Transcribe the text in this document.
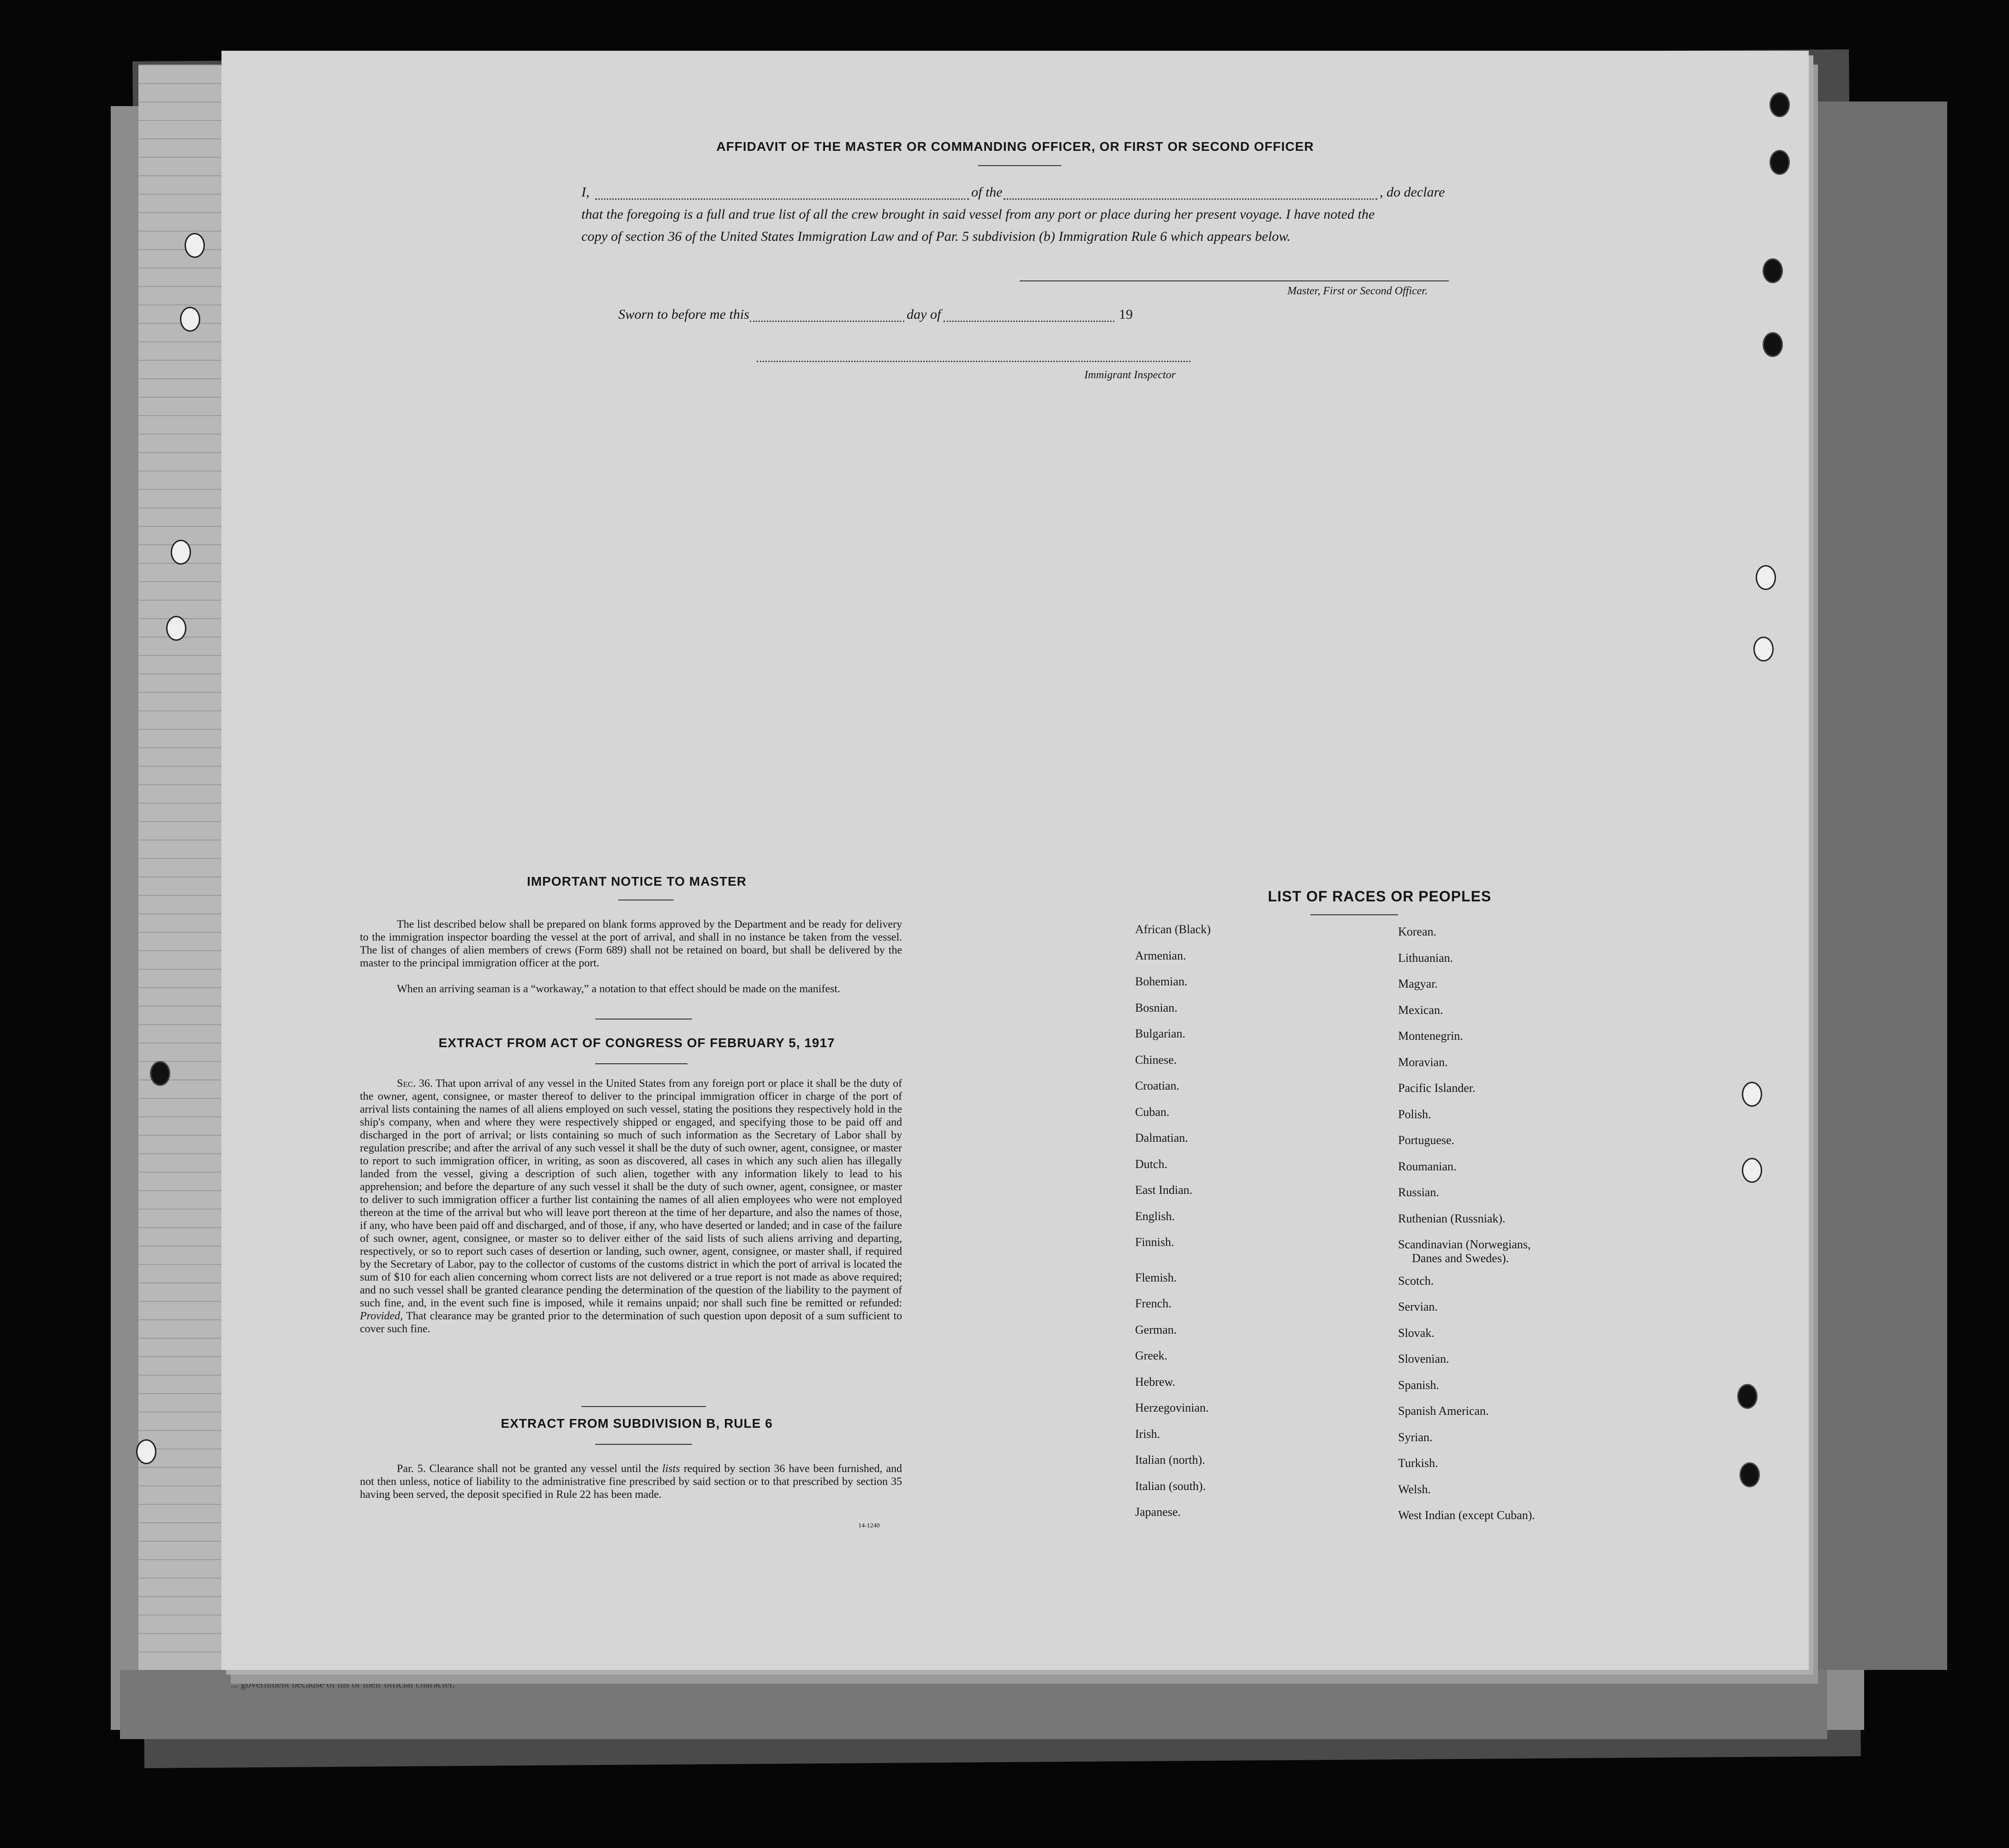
... government because of his or their official character.
AFFIDAVIT OF THE MASTER OR COMMANDING OFFICER, OR FIRST OR SECOND OFFICER
I,	of the	, do declare
that the foregoing is a full and true list of all the crew brought in said vessel from any port or place during her present voyage. I have noted the
copy of section 36 of the United States Immigration Law and of Par. 5 subdivision (b) Immigration Rule 6 which appears below.
Master, First or Second Officer.
Sworn to before me this	day of	19
Immigrant Inspector
IMPORTANT NOTICE TO MASTER
The list described below shall be prepared on blank forms approved by the Department and be ready for delivery to the immigration inspector boarding the vessel at the port of arrival, and shall in no instance be taken from the vessel. The list of changes of alien members of crews (Form 689) shall not be retained on board, but shall be delivered by the master to the principal immigration officer at the port.
When an arriving seaman is a “workaway,” a notation to that effect should be made on the manifest.
EXTRACT FROM ACT OF CONGRESS OF FEBRUARY 5, 1917
Sec. 36. That upon arrival of any vessel in the United States from any foreign port or place it shall be the duty of the owner, agent, consignee, or master thereof to deliver to the principal immigration officer in charge of the port of arrival lists containing the names of all aliens employed on such vessel, stating the positions they respectively hold in the ship's company, when and where they were respectively shipped or engaged, and specifying those to be paid off and discharged in the port of arrival; or lists containing so much of such information as the Secretary of Labor shall by regulation prescribe; and after the arrival of any such vessel it shall be the duty of such owner, agent, consignee, or master to report to such immigration officer, in writing, as soon as discovered, all cases in which any such alien has illegally landed from the vessel, giving a description of such alien, together with any information likely to lead to his apprehension; and before the departure of any such vessel it shall be the duty of such owner, agent, consignee, or master to deliver to such immigration officer a further list containing the names of all alien employees who were not employed thereon at the time of the arrival but who will leave port thereon at the time of her departure, and also the names of those, if any, who have been paid off and discharged, and of those, if any, who have deserted or landed; and in case of the failure of such owner, agent, consignee, or master so to deliver either of the said lists of such aliens arriving and departing, respectively, or so to report such cases of desertion or landing, such owner, agent, consignee, or master shall, if required by the Secretary of Labor, pay to the collector of customs of the customs district in which the port of arrival is located the sum of $10 for each alien concerning whom correct lists are not delivered or a true report is not made as above required; and no such vessel shall be granted clearance pending the determination of the question of the liability to the payment of such fine, and, in the event such fine is imposed, while it remains unpaid; nor shall such fine be remitted or refunded: Provided, That clearance may be granted prior to the determination of such question upon deposit of a sum sufficient to cover such fine.
EXTRACT FROM SUBDIVISION B, RULE 6
Par. 5. Clearance shall not be granted any vessel until the lists required by section 36 have been furnished, and not then unless, notice of liability to the administrative fine prescribed by said section or to that prescribed by section 35 having been served, the deposit specified in Rule 22 has been made.
14-1240
LIST OF RACES OR PEOPLES
Danes and Swedes).
African (Black)
Armenian.
Bohemian.
Bosnian.
Bulgarian.
Chinese.
Croatian.
Cuban.
Dalmatian.
Dutch.
East Indian.
English.
Finnish.
Flemish.
French.
German.
Greek.
Hebrew.
Herzegovinian.
Irish.
Italian (north).
Italian (south).
Japanese.
Korean.
Lithuanian.
Magyar.
Mexican.
Montenegrin.
Moravian.
Pacific Islander.
Polish.
Portuguese.
Roumanian.
Russian.
Ruthenian (Russniak).
Scandinavian (Norwegians,
Scotch.
Servian.
Slovak.
Slovenian.
Spanish.
Spanish American.
Syrian.
Turkish.
Welsh.
West Indian (except Cuban).
